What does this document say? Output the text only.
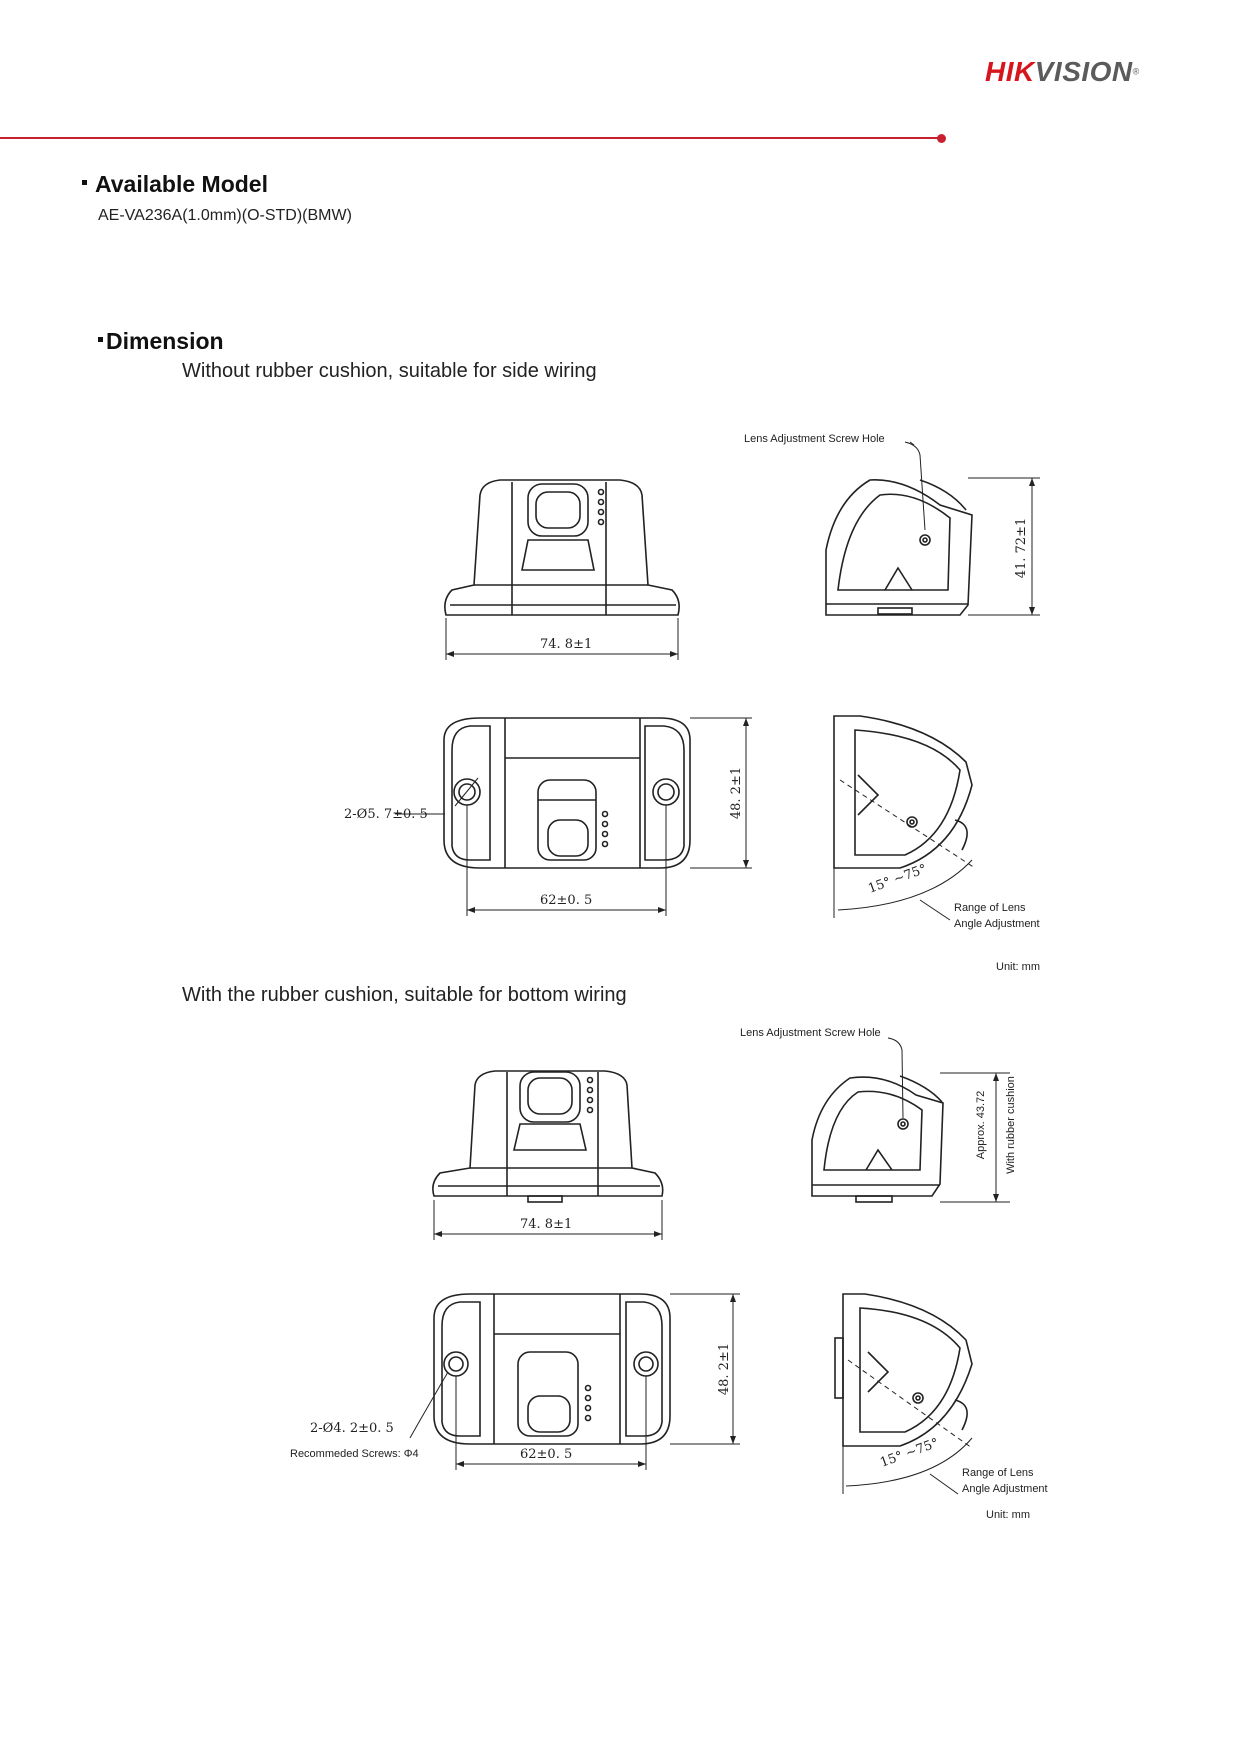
HIKVISION®
Available Model
AE-VA236A(1.0mm)(O-STD)(BMW)
Dimension
Without rubber cushion, suitable for side wiring
With the rubber cushion, suitable for bottom wiring
Lens Adjustment Screw Hole
74. 8±1
41. 72±1
2-Ø5. 7±0. 5	48. 2±1
62±0. 5
15° ~75°
Range of Lens
Angle Adjustment
Unit: mm
Lens Adjustment Screw Hole
74. 8±1
Approx. 43.72 With rubber cushion
2-Ø4. 2±0. 5
Recommeded Screws: Φ4
48. 2±1
62±0. 5	15° ~75°
Range of Lens
Angle Adjustment
Unit: mm
